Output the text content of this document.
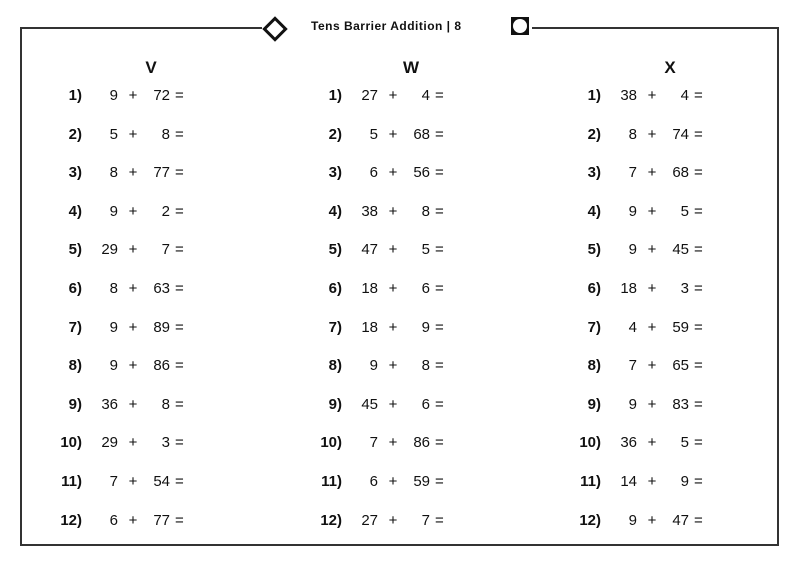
Tens Barrier Addition | 8
V
1)	9 +	72 =
2)	5 +	8 =
3)	8 +	77 =
4)	9 +	2 =
5)	29 +	7 =
6)	8 +	63 =
7)	9 +	89 =
8)	9 +	86 =
9)	36 +	8 =
10)	29 +	3 =
11)	7 +	54 =
12)	6 +	77 =
W
1)	27 +	4 =
2)	5 +	68 =
3)	6 +	56 =
4)	38 +	8 =
5)	47 +	5 =
6)	18 +	6 =
7)	18 +	9 =
8)	9 +	8 =
9)	45 +	6 =
10)	7 +	86 =
11)	6 +	59 =
12)	27 +	7 =
X
1)	38 +	4 =
2)	8 +	74 =
3)	7 +	68 =
4)	9 +	5 =
5)	9 +	45 =
6)	18 +	3 =
7)	4 +	59 =
8)	7 +	65 =
9)	9 +	83 =
10)	36 +	5 =
11)	14 +	9 =
12)	9 +	47 =
